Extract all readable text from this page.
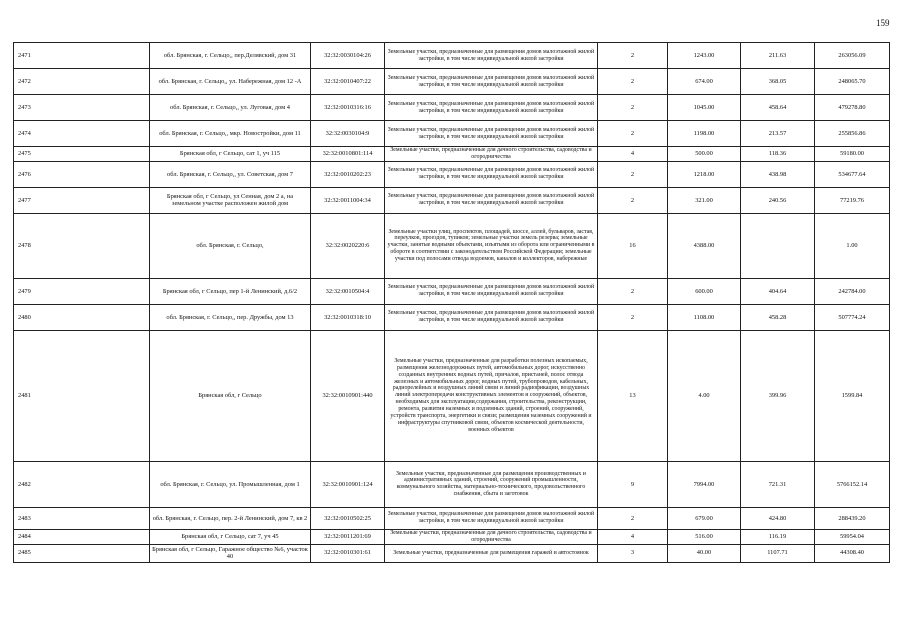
159
2471	обл. Брянская, г. Сельцо,, пер.Делявский, дом 31	32:32:0030104:26	Земельные участки, предназначенные для размещения домов малоэтажной жилой застройки, в том числе индивидуальной жилой застройки	2	1243.00	211.63	263056.09
2472	обл. Брянская, г. Сельцо,, ул. Набережная, дом 12 -А	32:32:0010407:22	Земельные участки, предназначенные для размещения домов малоэтажной жилой застройки, в том числе индивидуальной жилой застройки	2	674.00	368.05	248065.70
2473	обл. Брянская, г. Сельцо,, ул. Луговая, дом 4	32:32:0010316:16	Земельные участки, предназначенные для размещения домов малоэтажной жилой застройки, в том числе индивидуальной жилой застройки	2	1045.00	458.64	479278.80
2474	обл. Брянская, г. Сельцо,, мкр. Новостройки, дом 11	32:32:0030104:9	Земельные участки, предназначенные для размещения домов малоэтажной жилой застройки, в том числе индивидуальной жилой застройки	2	1198.00	213.57	255856.86
2475	Брянская обл, г Сельцо, сат 1, уч 115	32:32:0010801:114	Земельные участки, предназначенные для дачного строительства, садоводства и огородничества	4	500.00	118.36	59180.00
2476	обл. Брянская, г. Сельцо,, ул. Советская, дом 7	32:32:0010202:23	Земельные участки, предназначенные для размещения домов малоэтажной жилой застройки, в том числе индивидуальной жилой застройки	2	1218.00	438.98	534677.64
2477	Брянская обл, г Сельцо, ул Сенная, дом 2 а, на земельном участке расположен жилой дом	32:32:0011004:34	Земельные участки, предназначенные для размещения домов малоэтажной жилой застройки, в том числе индивидуальной жилой застройки	2	321.00	240.56	77219.76
2478	обл. Брянская, г. Сельцо,	32:32:0020220:6	Земельные участки улиц, проспектов, площадей, шоссе, аллей, бульваров, застав, переулков, проездов, тупиков; земельные участки земель резерва; земельные участки, занятые водными объектами, изъятыми из оборота или ограниченными в обороте в соответствии с законодательством Российской Федерации; земельные участки под полосами отвода водоемов, каналов и коллекторов, набережные	16	4388.00		1.00
2479	Брянская обл, г Сельцо, пер 1-й Ленинский, д.6/2	32:32:0010504:4	Земельные участки, предназначенные для размещения домов малоэтажной жилой застройки, в том числе индивидуальной жилой застройки	2	600.00	404.64	242784.00
2480	обл. Брянская, г. Сельцо,, пер. Дружбы, дом 13	32:32:0010318:10	Земельные участки, предназначенные для размещения домов малоэтажной жилой застройки, в том числе индивидуальной жилой застройки	2	1108.00	458.28	507774.24
2481	Брянская обл, г Сельцо	32:32:0010901:440	Земельные участки, предназначенные для разработки полезных ископаемых, размещения железнодорожных путей, автомобильных дорог, искусственно созданных внутренних водных путей, причалов, пристаней, полос отвода железных и автомобильных дорог, водных путей, трубопроводов, кабельных, радиорелейных и воздушных линий связи и линий радиофикации, воздушных линий электропередачи конструктивных элементов и сооружений, объектов, необходимых для эксплуатации,содержания, строительства, реконструкции, ремонта, развития наземных и подземных зданий, строений, сооружений, устройств транспорта, энергетики и связи; размещения наземных сооружений и инфраструктуры спутниковой связи, объектов космической деятельности, военных объектов	13	4.00	399.96	1599.84
2482	обл. Брянская, г. Сельцо, ул. Промышленная, дом 1	32:32:0010901:124	Земельные участки, предназначенные для размещения производственных и административных зданий, строений, сооружений промышленности, коммунального хозяйства, материально-технического, продовольственного снабжения, сбыта и заготовок	9	7994.00	721.31	5766152.14
2483	обл. Брянская, г. Сельцо, пер. 2-й Ленинский, дом 7, кв 2	32:32:0010502:25	Земельные участки, предназначенные для размещения домов малоэтажной жилой застройки, в том числе индивидуальной жилой застройки	2	679.00	424.80	288439.20
2484	Брянская обл, г Сельцо, сат 7, уч 45	32:32:0011201:69	Земельные участки, предназначенные для дачного строительства, садоводства и огородничества	4	516.00	116.19	59954.04
2485	Брянская обл, г Сельцо, Гаражное общество №6, участок 40	32:32:0010301:61	Земельные участки, предназначенные для размещения гаражей и автостоянок	3	40.00	1107.71	44308.40
